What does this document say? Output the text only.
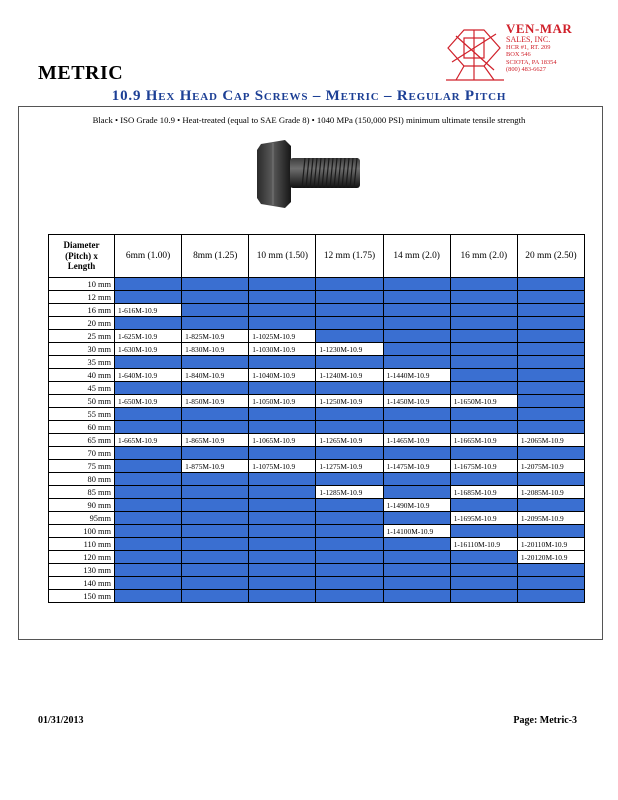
VEN-MAR
SALES, INC.
HCR #1, RT. 209
BOX 546
SCIOTA, PA 18354
(800) 483-6627
METRIC
10.9 Hex Head Cap Screws – Metric – Regular Pitch
Black • ISO Grade 10.9 • Heat-treated (equal to SAE Grade 8) • 1040 MPa (150,000 PSI) minimum ultimate tensile strength
Diameter
(Pitch) x
Length	6mm (1.00)	8mm (1.25)	10 mm (1.50)	12 mm (1.75)	14 mm (2.0)	16 mm (2.0)	20 mm (2.50)
10 mm							
12 mm							
16 mm	1-616M-10.9						
20 mm							
25 mm	1-625M-10.9	1-825M-10.9	1-1025M-10.9				
30 mm	1-630M-10.9	1-830M-10.9	1-1030M-10.9	1-1230M-10.9			
35 mm							
40 mm	1-640M-10.9	1-840M-10.9	1-1040M-10.9	1-1240M-10.9	1-1440M-10.9		
45 mm							
50 mm	1-650M-10.9	1-850M-10.9	1-1050M-10.9	1-1250M-10.9	1-1450M-10.9	1-1650M-10.9	
55 mm							
60 mm							
65 mm	1-665M-10.9	1-865M-10.9	1-1065M-10.9	1-1265M-10.9	1-1465M-10.9	1-1665M-10.9	1-2065M-10.9
70 mm							
75 mm		1-875M-10.9	1-1075M-10.9	1-1275M-10.9	1-1475M-10.9	1-1675M-10.9	1-2075M-10.9
80 mm							
85 mm				1-1285M-10.9		1-1685M-10.9	1-2085M-10.9
90 mm					1-1490M-10.9		
95mm						1-1695M-10.9	1-2095M-10.9
100 mm					1-14100M-10.9		
110 mm						1-16110M-10.9	1-20110M-10.9
120 mm							1-20120M-10.9
130 mm							
140 mm							
150 mm							
01/31/2013	Page: Metric-3
